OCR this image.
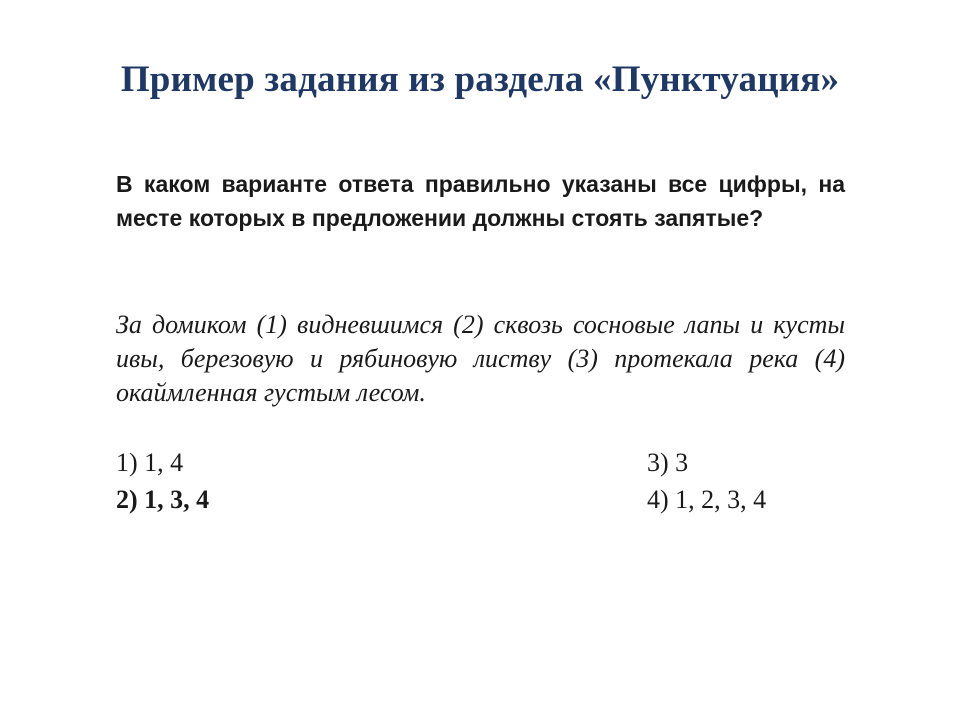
Пример задания из раздела «Пунктуация»
В каком варианте ответа правильно указаны все цифры, на месте которых в предложении должны стоять запятые?
За домиком (1) видневшимся (2) сквозь сосновые лапы и кусты ивы, березовую и рябиновую листву (3) протекала река (4) окаймленная густым лесом.
1) 1, 4
2) 1, 3, 4
3) 3
4) 1, 2, 3, 4
